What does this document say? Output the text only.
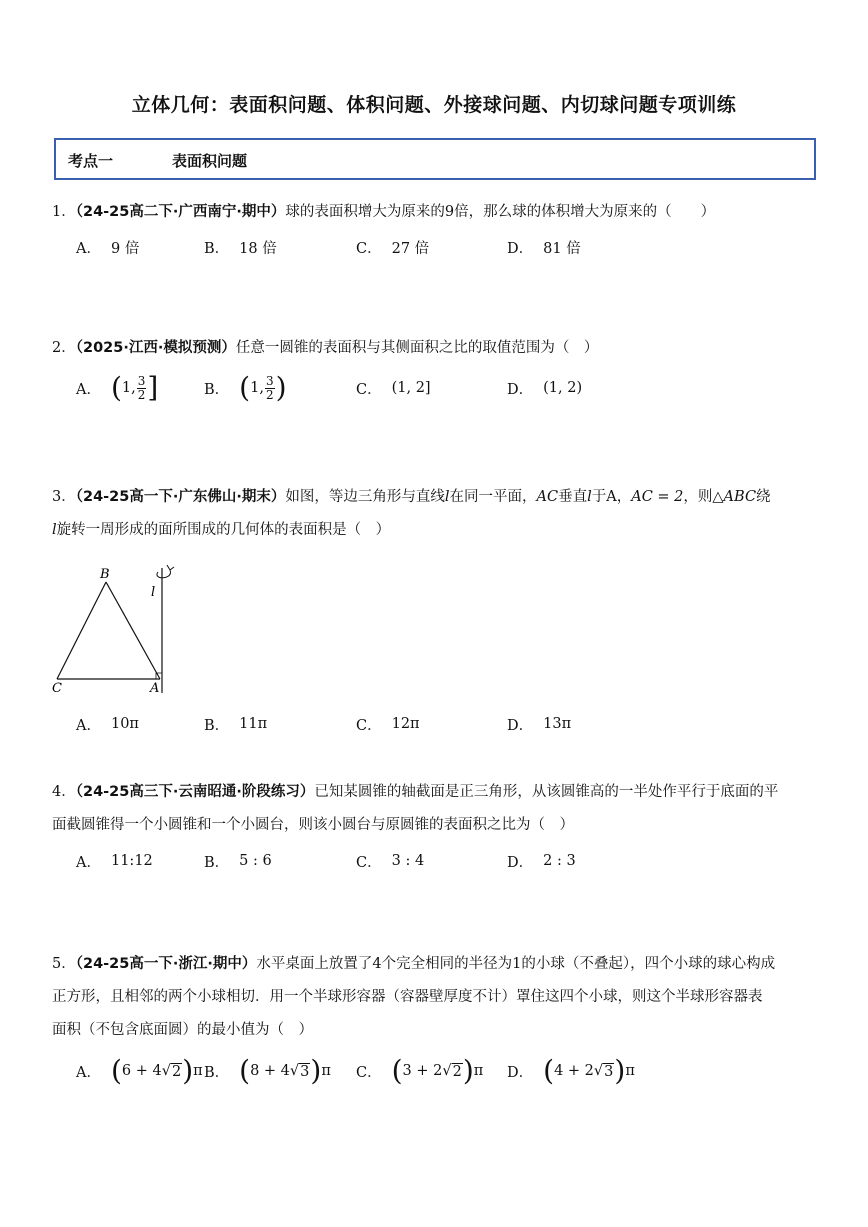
立体几何：表面积问题、体积问题、外接球问题、内切球问题专项训练
考点一	表面积问题
1．（24-25高二下·广西南宁·期中）球的表面积增大为原来的9倍，那么球的体积增大为原来的（　　）
A． 9 倍	B． 18 倍	C． 27 倍	D． 81 倍
2．（2025·江西·模拟预测）任意一圆锥的表面积与其侧面积之比的取值范围为（　）
A． ( 1, $\frac{3}{2}$ ]	B． ( 1, $\frac{3}{2}$ )	C． (1, 2]	D． (1, 2)
3．（24-25高一下·广东佛山·期末）如图，等边三角形与直线l在同一平面，AC垂直l于A，AC = 2，则△ABC绕
l旋转一周形成的面所围成的几何体的表面积是（　）
B
C	A
l
A． 10π	B． 11π	C． 12π	D． 13π
4．（24-25高三下·云南昭通·阶段练习）已知某圆锥的轴截面是正三角形，从该圆锥高的一半处作平行于底面的平
面截圆锥得一个小圆锥和一个小圆台，则该小圆台与原圆锥的表面积之比为（　）
A． 11:12	B． 5 : 6	C． 3 : 4	D． 2 : 3
5．（24-25高一下·浙江·期中）水平桌面上放置了4个完全相同的半径为1的小球（不叠起），四个小球的球心构成
正方形，且相邻的两个小球相切．用一个半球形容器（容器壁厚度不计）罩住这四个小球，则这个半球形容器表
面积（不包含底面圆）的最小值为（　）
A． ( 6 + 4 √ 2 ) π B． ( 8 + 4 √ 3 ) π C． ( 3 + 2 √ 2 ) π D． ( 4 + 2 √ 3 ) π
